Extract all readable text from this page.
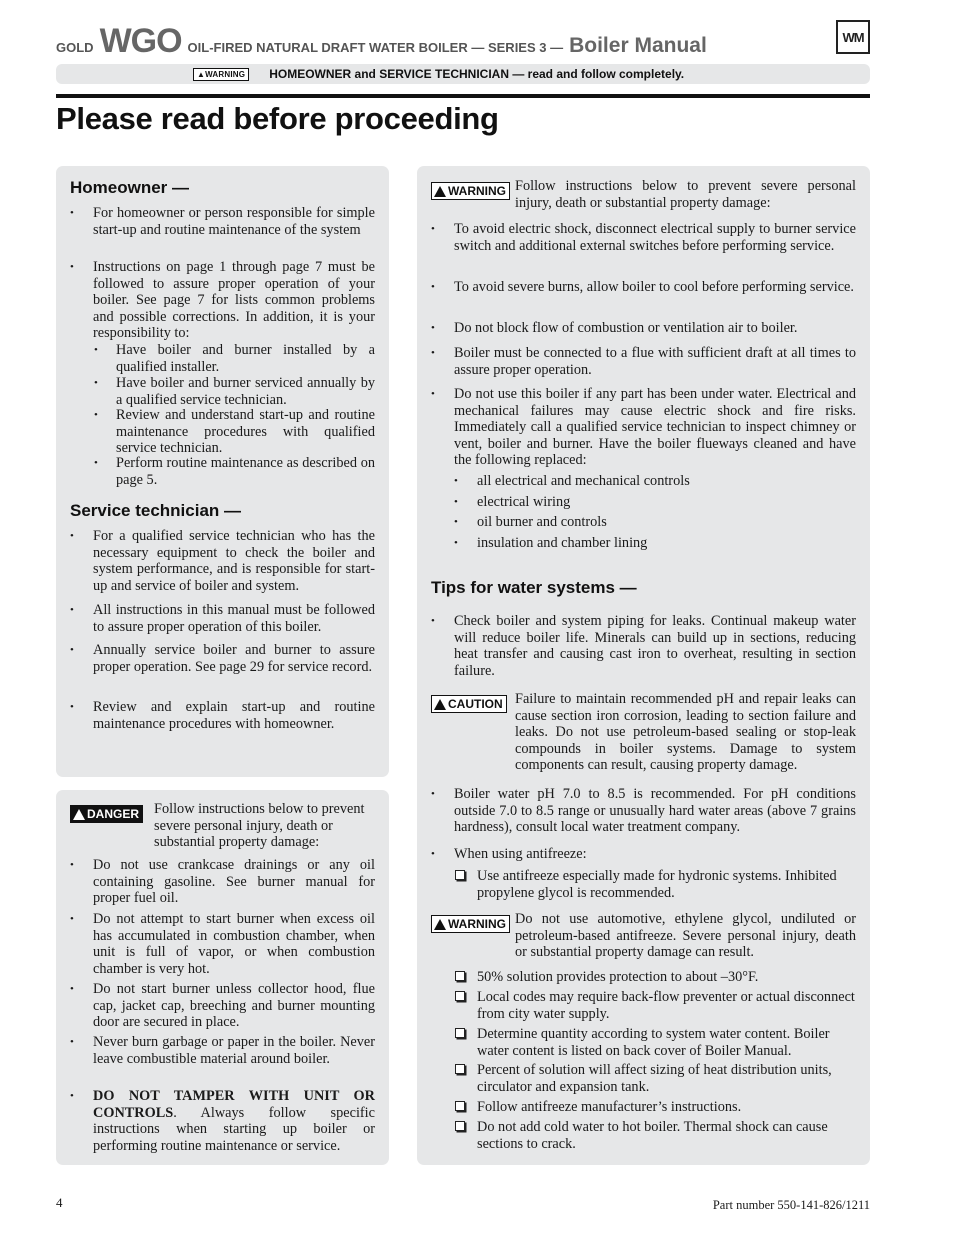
GOLD WGO OIL-FIRED NATURAL DRAFT WATER BOILER — SERIES 3 — Boiler Manual	WM
▲WARNING	HOMEOWNER and SERVICE TECHNICIAN — read and follow completely.
Please read before proceeding
Homeowner —
• For homeowner or person responsible for simple start-up and routine maintenance of the system
• Instructions on page 1 through page 7 must be followed to assure proper operation of your boiler. See page 7 for lists common problems and possible corrections. In addition, it is your responsibility to:
• Have boiler and burner installed by a qualified installer.
• Have boiler and burner serviced annually by a qualified service technician.
• Review and understand start-up and routine maintenance procedures with qualified service technician.
• Perform routine maintenance as described on page 5.
Service technician —
• For a qualified service technician who has the necessary equipment to check the boiler and system performance, and is responsible for start-up and service of boiler and system.
• All instructions in this manual must be followed to assure proper operation of this boiler.
• Annually service boiler and burner to assure proper operation. See page 29 for service record.
• Review and explain start-up and routine maintenance procedures with homeowner.
DANGER Follow instructions below to prevent severe personal injury, death or substantial property damage:
• Do not use crankcase drainings or any oil containing gasoline. See burner manual for proper fuel oil.
• Do not attempt to start burner when excess oil has accumulated in combustion chamber, when unit is full of vapor, or when combustion chamber is very hot.
• Do not start burner unless collector hood, flue cap, jacket cap, breeching and burner mounting door are secured in place.
• Never burn garbage or paper in the boiler. Never leave combustible material around boiler.
• DO NOT TAMPER WITH UNIT OR CONTROLS. Always follow specific instructions when starting up boiler or performing routine maintenance or service.
WARNING Follow instructions below to prevent severe personal injury, death or substantial property damage:
• To avoid electric shock, disconnect electrical supply to burner service switch and additional external switches before performing service.
• To avoid severe burns, allow boiler to cool before performing service.
• Do not block flow of combustion or ventilation air to boiler.
• Boiler must be connected to a flue with sufficient draft at all times to assure proper operation.
• Do not use this boiler if any part has been under water. Electrical and mechanical failures may cause electric shock and fire risks. Immediately call a qualified service technician to inspect chimney or vent, boiler and burner. Have the boiler flueways cleaned and have the following replaced:
• all electrical and mechanical controls
• electrical wiring
• oil burner and controls
• insulation and chamber lining
Tips for water systems —
• Check boiler and system piping for leaks. Continual makeup water will reduce boiler life. Minerals can build up in sections, reducing heat transfer and causing cast iron to overheat, resulting in section failure.
CAUTION Failure to maintain recommended pH and repair leaks can cause section iron corrosion, leading to section failure and leaks. Do not use petroleum-based sealing or stop-leak compounds in boiler systems. Damage to system components can result, causing property damage.
• Boiler water pH 7.0 to 8.5 is recommended. For pH conditions outside 7.0 to 8.5 range or unusually hard water areas (above 7 grains hardness), consult local water treatment company.
• When using antifreeze:
Use antifreeze especially made for hydronic systems. Inhibited propylene glycol is recommended.
WARNING Do not use automotive, ethylene glycol, undiluted or petroleum-based antifreeze. Severe personal injury, death or substantial property damage can result.
50% solution provides protection to about –30°F.
Local codes may require back-flow preventer or actual disconnect from city water supply.
Determine quantity according to system water content. Boiler water content is listed on back cover of Boiler Manual.
Percent of solution will affect sizing of heat distribution units, circulator and expansion tank.
Follow antifreeze manufacturer’s instructions.
Do not add cold water to hot boiler. Thermal shock can cause sections to crack.
4	Part number 550-141-826/1211
